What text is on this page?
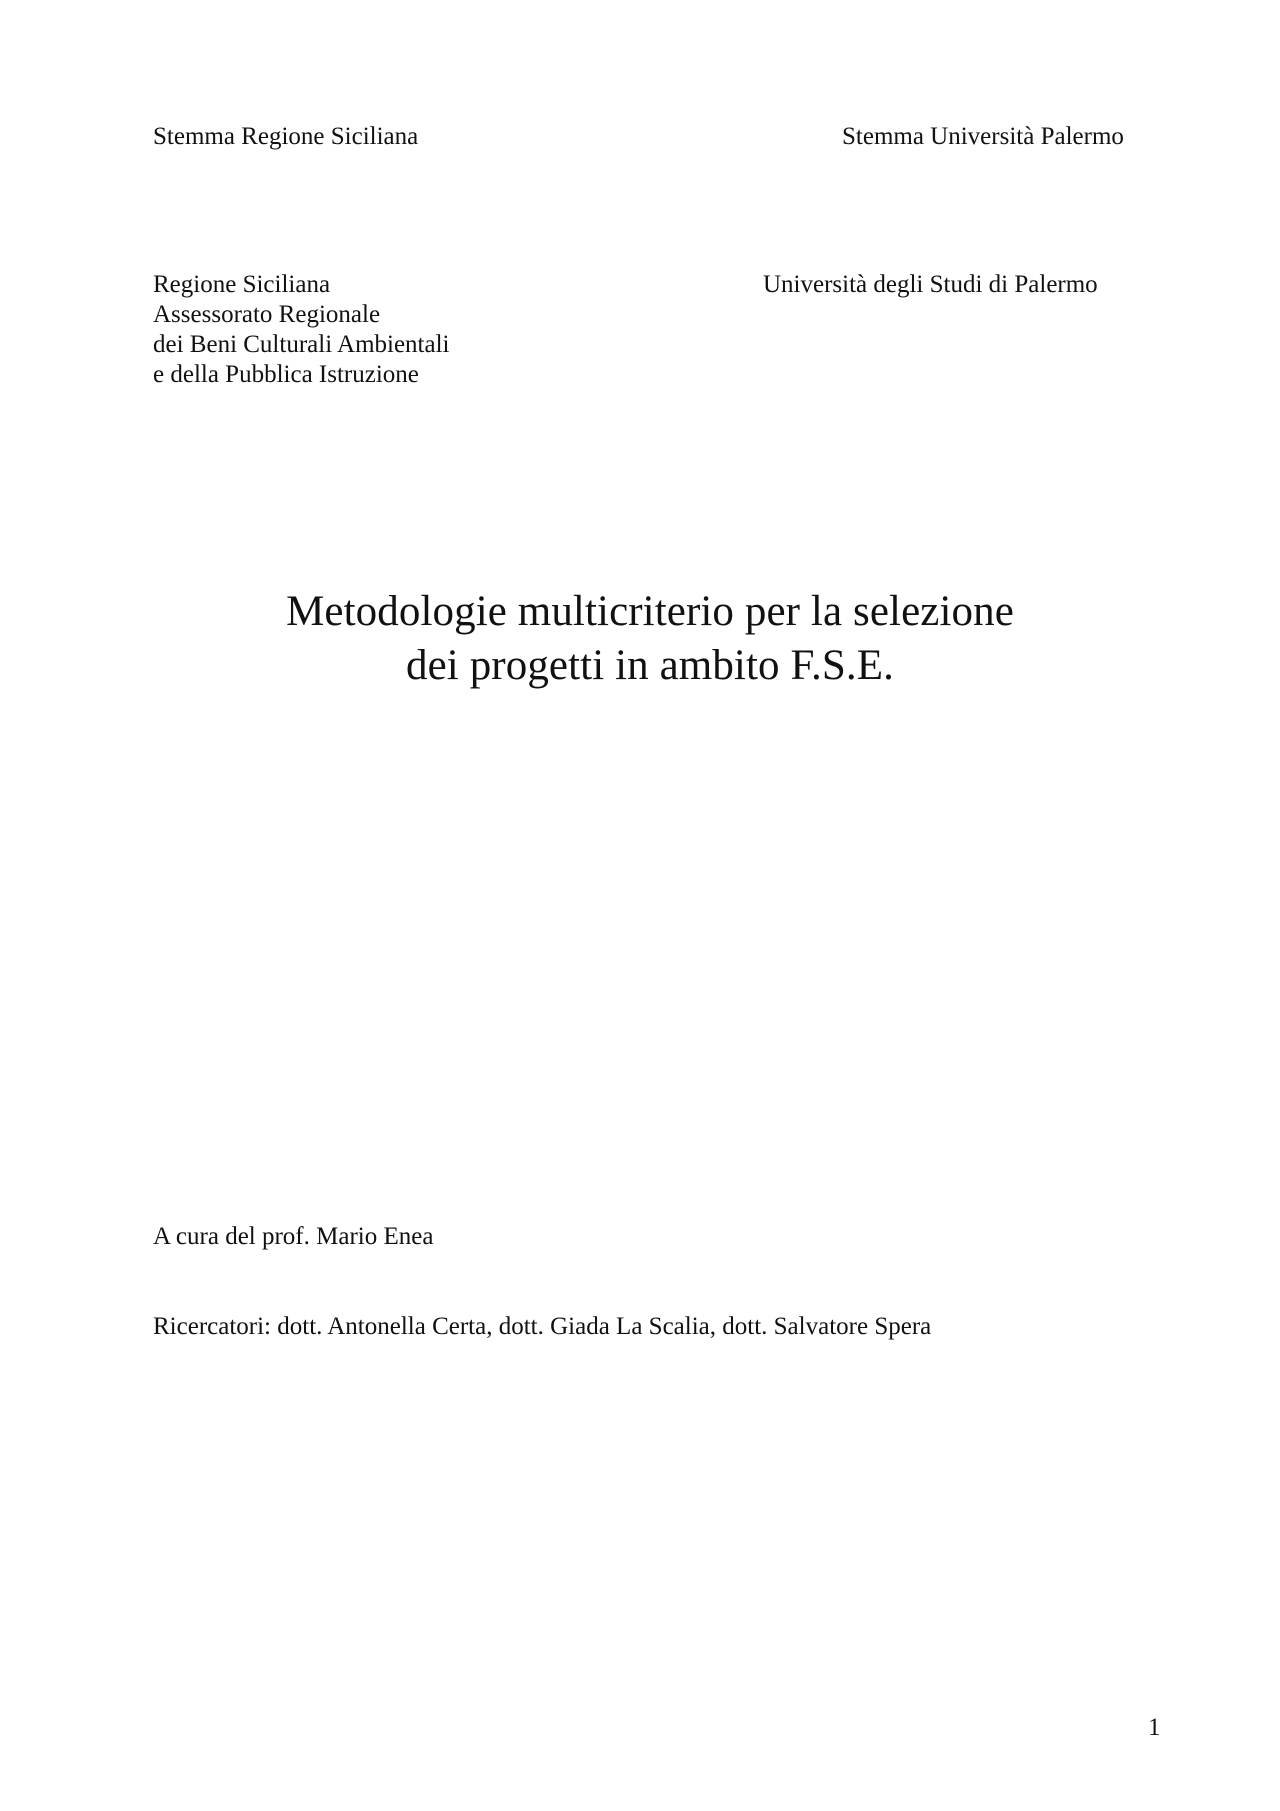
Stemma Regione Siciliana	Stemma Università Palermo
Regione Siciliana
Assessorato Regionale
dei Beni Culturali Ambientali
e della Pubblica Istruzione
Università degli Studi di Palermo
Metodologie multicriterio per la selezione
dei progetti in ambito F.S.E.
A cura del prof. Mario Enea
Ricercatori: dott. Antonella Certa, dott. Giada La Scalia, dott. Salvatore Spera
1
